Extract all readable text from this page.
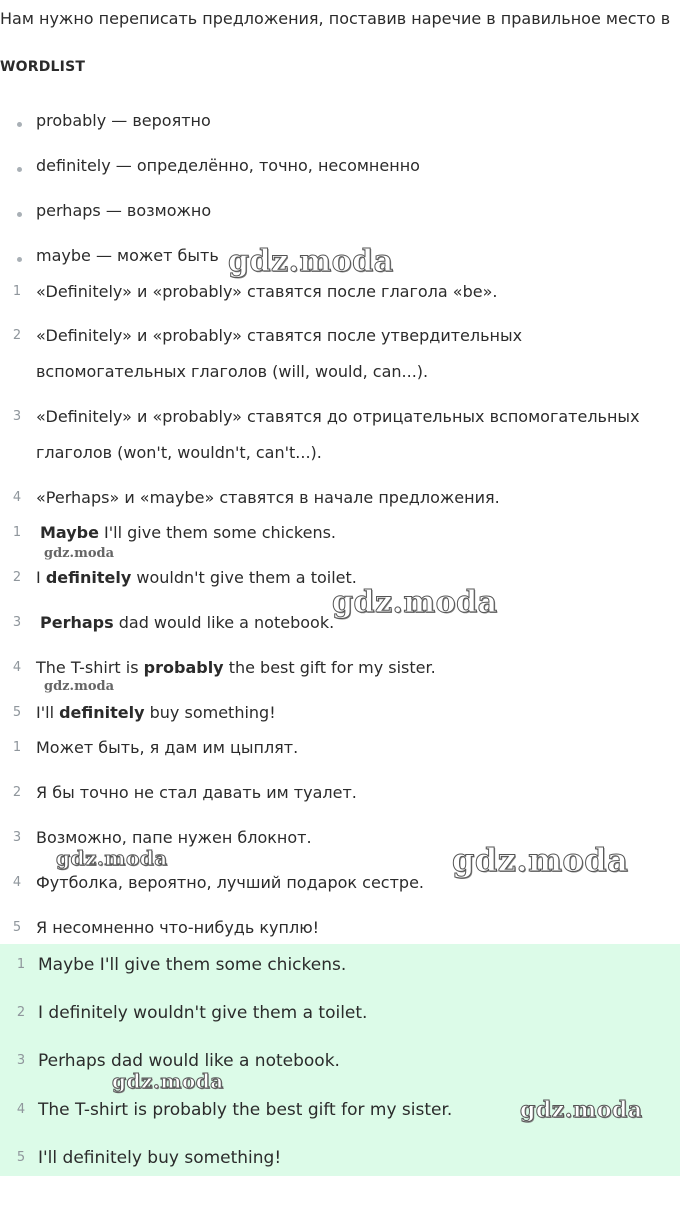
Нам нужно переписать предложения, поставив наречие в правильное место в
WORDLIST
probably — вероятно
definitely — определённо, точно, несомненно
perhaps — возможно
maybe — может быть
1 «Definitely» и «probably» ставятся после глагола «be».
2 «Definitely» и «probably» ставятся после утвердительных
вспомогательных глаголов (will, would, can...).
3 «Definitely» и «probably» ставятся до отрицательных вспомогательных
глаголов (won't, wouldn't, can't...).
4 «Perhaps» и «maybe» ставятся в начале предложения.
1 Maybe I'll give them some chickens.
2 I definitely wouldn't give them a toilet.
3 Perhaps dad would like a notebook.
4 The T-shirt is probably the best gift for my sister.
5 I'll definitely buy something!
1 Может быть, я дам им цыплят.
2 Я бы точно не стал давать им туалет.
3 Возможно, папе нужен блокнот.
4 Футболка, вероятно, лучший подарок сестре.
5 Я несомненно что-нибудь куплю!
1 Maybe I'll give them some chickens.
2 I definitely wouldn't give them a toilet.
3 Perhaps dad would like a notebook.
4 The T-shirt is probably the best gift for my sister.
5 I'll definitely buy something!
gdz.moda
gdz.moda
gdz.moda
gdz.moda
gdz.moda	gdz.moda
gdz.moda
gdz.moda
